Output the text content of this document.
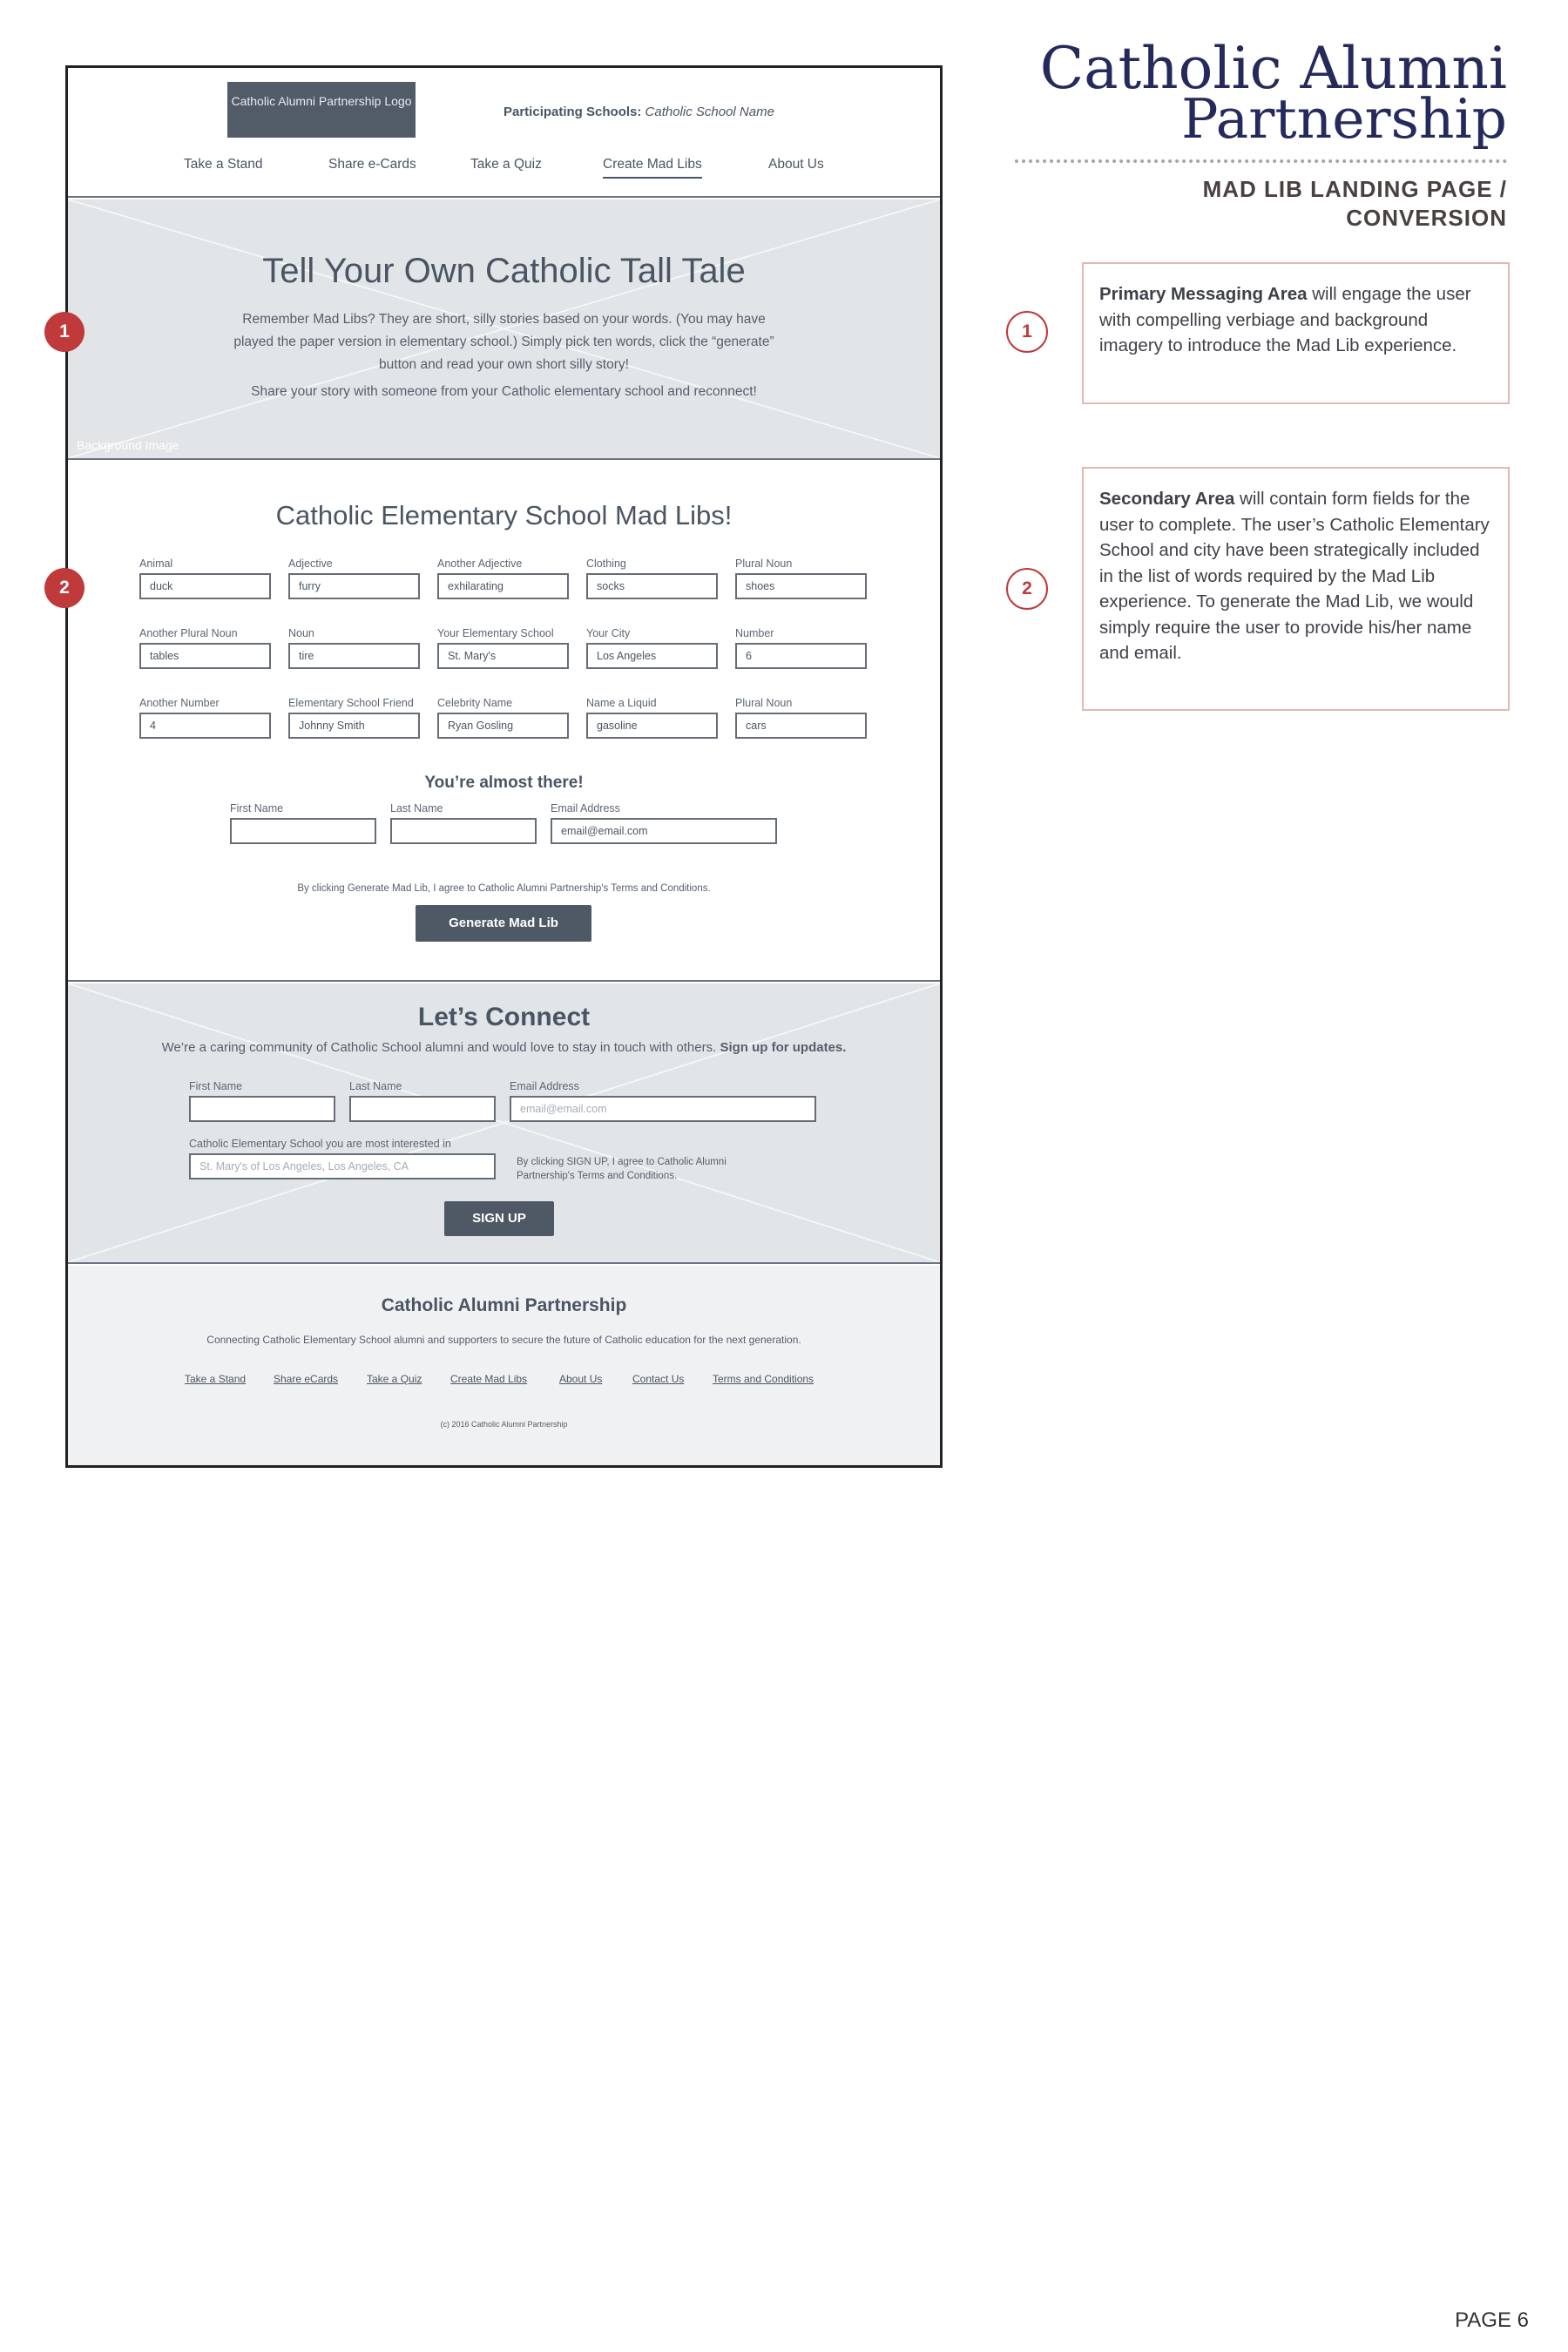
Catholic Alumni Partnership Logo
Participating Schools: Catholic School Name
Take a Stand	Share e-Cards	Take a Quiz	Create Mad Libs	About Us
Tell Your Own Catholic Tall Tale
Remember Mad Libs? They are short, silly stories based on your words. (You may have
played the paper version in elementary school.) Simply pick ten words, click the “generate”
button and read your own short silly story!
Share your story with someone from your Catholic elementary school and reconnect!
Background Image
Catholic Elementary School Mad Libs!
Animal
duck
Adjective
furry
Another Adjective
exhilarating
Clothing
socks
Plural Noun
shoes
Another Plural Noun
tables
Noun
tire
Your Elementary School
St. Mary's
Your City
Los Angeles
Number
6
Another Number
4
Elementary School Friend
Johnny Smith
Celebrity Name
Ryan Gosling
Name a Liquid
gasoline
Plural Noun
cars
You’re almost there!
First Name	Last Name	Email Address
email@email.com
By clicking Generate Mad Lib, I agree to Catholic Alumni Partnership's Terms and Conditions.
Generate Mad Lib
Let’s Connect
We’re a caring community of Catholic School alumni and would love to stay in touch with others. Sign up for updates.
First Name	Last Name	Email Address
email@email.com
Catholic Elementary School you are most interested in
St. Mary's of Los Angeles, Los Angeles, CA	By clicking SIGN UP, I agree to Catholic Alumni
Partnership's Terms and Conditions.
SIGN UP
Catholic Alumni Partnership
Connecting Catholic Elementary School alumni and supporters to secure the future of Catholic education for the next generation.
Take a Stand	Share eCards	Take a Quiz	Create Mad Libs	About Us	Contact Us	Terms and Conditions
(c) 2016 Catholic Alumni Partnership
1
2
Catholic Alumni
Partnership
MAD LIB LANDING PAGE /
CONVERSION
1
Primary Messaging Area will engage the user with compelling verbiage and background imagery to introduce the Mad Lib experience.
2
Secondary Area will contain form fields for the user to complete. The user’s Catholic Elementary School and city have been strategically included in the list of words required by the Mad Lib experience. To generate the Mad Lib, we would simply require the user to provide his/her name and email.
PAGE 6
